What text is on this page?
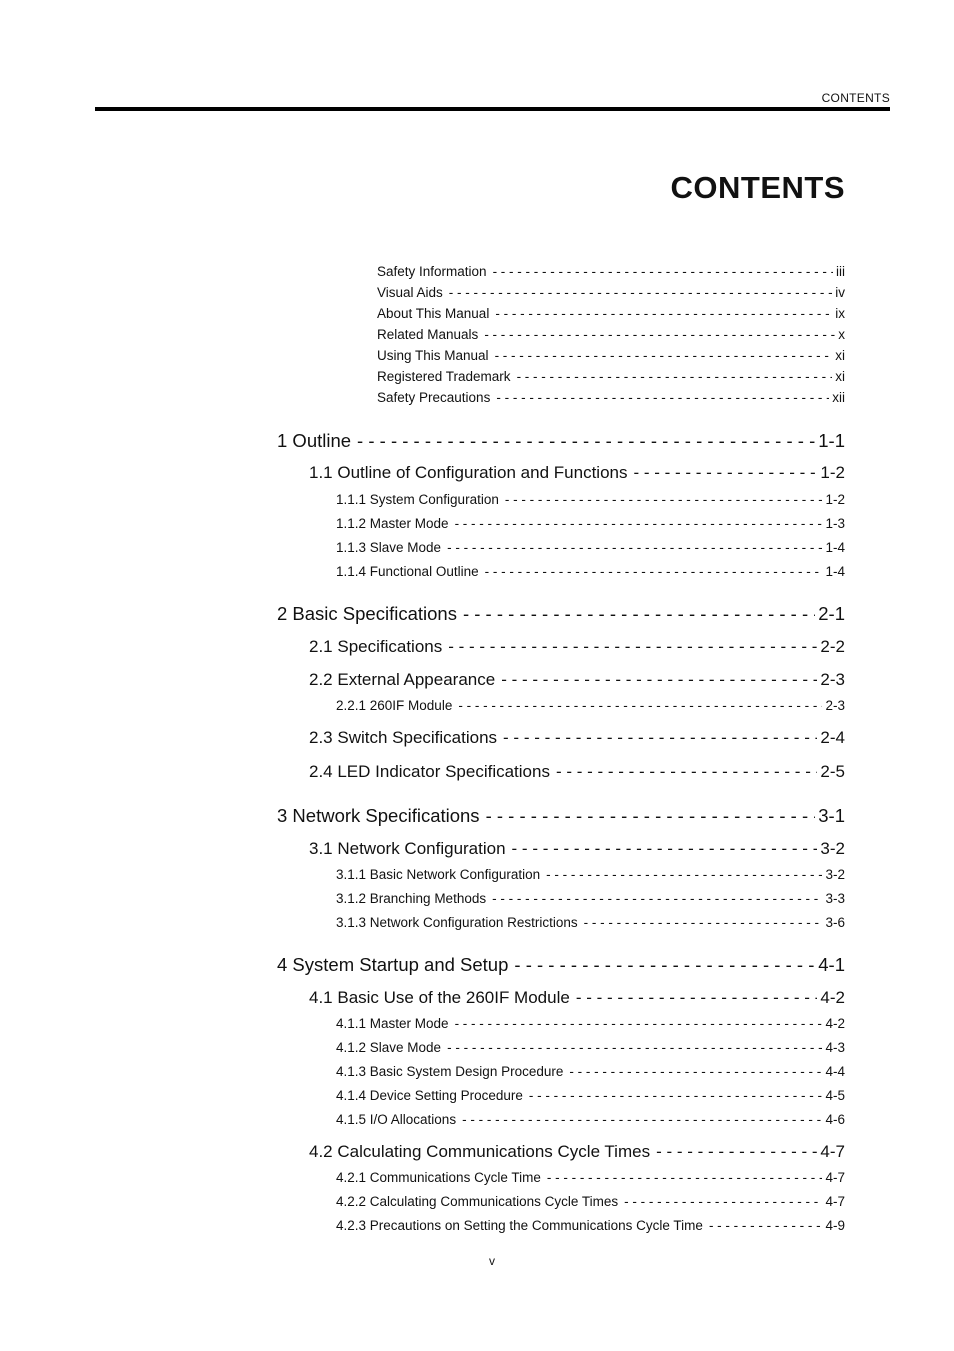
CONTENTS
CONTENTS
Safety Information - - -	iii
Visual Aids - - -	iv
About This Manual - - -	ix
Related Manuals - - -	x
Using This Manual - - -	xi
Registered Trademark - - -	xi
Safety Precautions - - -	xii
1 Outline - - -	1-1
1.1 Outline of Configuration and Functions - - -	1-2
1.1.1 System Configuration - - -	1-2
1.1.2 Master Mode - - -	1-3
1.1.3 Slave Mode - - -	1-4
1.1.4 Functional Outline - - -	1-4
2 Basic Specifications - - -	2-1
2.1 Specifications - - -	2-2
2.2 External Appearance - - -	2-3
2.2.1 260IF Module - - -	2-3
2.3 Switch Specifications - - -	2-4
2.4 LED Indicator Specifications - - -	2-5
3 Network Specifications - - -	3-1
3.1 Network Configuration - - -	3-2
3.1.1 Basic Network Configuration - - -	3-2
3.1.2 Branching Methods - - -	3-3
3.1.3 Network Configuration Restrictions - - -	3-6
4 System Startup and Setup - - -	4-1
4.1 Basic Use of the 260IF Module - - -	4-2
4.1.1 Master Mode - - -	4-2
4.1.2 Slave Mode - - -	4-3
4.1.3 Basic System Design Procedure - - -	4-4
4.1.4 Device Setting Procedure - - -	4-5
4.1.5 I/O Allocations - - -	4-6
4.2 Calculating Communications Cycle Times - - -	4-7
4.2.1 Communications Cycle Time - - -	4-7
4.2.2 Calculating Communications Cycle Times - - -	4-7
4.2.3 Precautions on Setting the Communications Cycle Time - - -	4-9
v
